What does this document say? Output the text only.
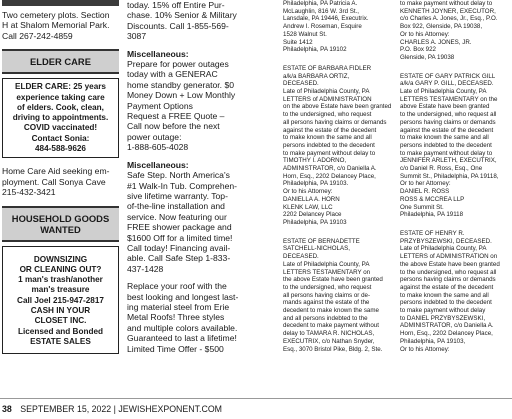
Two cemetery plots. Section
H at Shalom Memorial Park.
Call 267-242-4859
ELDER CARE
ELDER CARE: 25 years
experience taking care
of elders. Cook, clean,
driving to appointments.
COVID vaccinated!
Contact Sonia:
484-588-9626
Home Care Aid seeking em-
ployment. Call Sonya Cave
215-432-3421
HOUSEHOLD GOODS
WANTED
DOWNSIZING
OR CLEANING OUT?
1 man's trash/another
man's treasure
Call Joel 215-947-2817
CASH IN YOUR
CLOSET INC.
Licensed and Bonded
ESTATE SALES
today. 15% off Entire Pur-
chase. 10% Senior & Military
Discounts. Call 1-855-569-
3087
Miscellaneous:
Prepare for power outages
today with a GENERAC
home standby generator. $0
Money Down + Low Monthly
Payment Options
Request a FREE Quote –
Call now before the next
power outage:
1-888-605-4028
Miscellaneous:
Safe Step. North America's
#1 Walk-In Tub. Comprehen-
sive lifetime warranty. Top-
of-the-line installation and
service. Now featuring our
FREE shower package and
$1600 Off for a limited time!
Call today! Financing avail-
able. Call Safe Step 1-833-
437-1428
Replace your roof with the
best looking and longest last-
ing material steel from Erie
Metal Roofs! Three styles
and multiple colors available.
Guaranteed to last a lifetime!
Limited Time Offer - $500
Philadelphia, PA Patricia A.
McLaughlin, 816 W. 3rd St.,
Lansdale, PA 19446, Executrix.
Andrew I. Roseman, Esquire
1528 Walnut St.
Suite 1412
Philadelphia, PA 19102
ESTATE OF BARBARA FIDLER
a/k/a BARBARA ORTIZ,
DECEASED.
Late of Philadelphia County, PA
LETTERS of ADMINISTRATION
on the above Estate have been granted
to the undersigned, who request
all persons having claims or demands
against the estate of the decedent
to make known the same and all
persons indebted to the decedent
to make payment without delay to
TIMOTHY I. ADORNO,
ADMINISTRATOR, c/o Daniella A.
Horn, Esq., 2202 Delancey Place,
Philadelphia, PA 19103.
Or to his Attorney:
DANIELLA A. HORN
KLENK LAW, LLC
2202 Delancey Place
Philadelphia, PA 19103
ESTATE OF BERNADETTE
SATCHELL-NICHOLAS,
DECEASED.
Late of Philadelphia County, PA
LETTERS TESTAMENTARY on
the above Estate have been granted
to the undersigned, who request
all persons having claims or de-
mands against the estate of the
decedent to make known the same
and all persons indebted to the
decedent to make payment without
delay to TAMARA R. NICHOLAS,
EXECUTRIX, c/o Nathan Snyder,
Esq., 3070 Bristol Pike, Bldg. 2, Ste.
to make payment without delay to
KENNETH JOYNER, EXECUTOR,
c/o Charles A. Jones, Jr., Esq., P.O.
Box 922, Glenside, PA 19038,
Or to his Attorney:
CHARLES A. JONES, JR.
P.O. Box 922
Glenside, PA 19038
ESTATE OF GARY PATRICK GILL
a/k/a GARY P. GILL, DECEASED.
Late of Philadelphia County, PA
LETTERS TESTAMENTARY on the
above Estate have been granted
to the undersigned, who request all
persons having claims or demands
against the estate of the decedent
to make known the same and all
persons indebted to the decedent
to make payment without delay to
JENNIFER ARLETH, EXECUTRIX,
c/o Daniel R. Ross, Esq., One
Summit St., Philadelphia, PA 19118,
Or to her Attorney:
DANIEL R. ROSS
ROSS & MCCREA LLP
One Summit St.
Philadelphia, PA 19118
ESTATE OF HENRY R.
PRZYBYSZEWSKI, DECEASED.
Late of Philadelphia County, PA
LETTERS of ADMINISTRATION on
the above Estate have been granted
to the undersigned, who request all
persons having claims or demands
against the estate of the decedent
to make known the same and all
persons indebted to the decedent
to make payment without delay
to DANIEL PRZYBYSZEWSKI,
ADMINISTRATOR, c/o Daniella A.
Horn, Esq., 2202 Delancey Place,
Philadelphia, PA 19103,
Or to his Attorney:
38 SEPTEMBER 15, 2022 | JEWISHEXPONENT.COM
